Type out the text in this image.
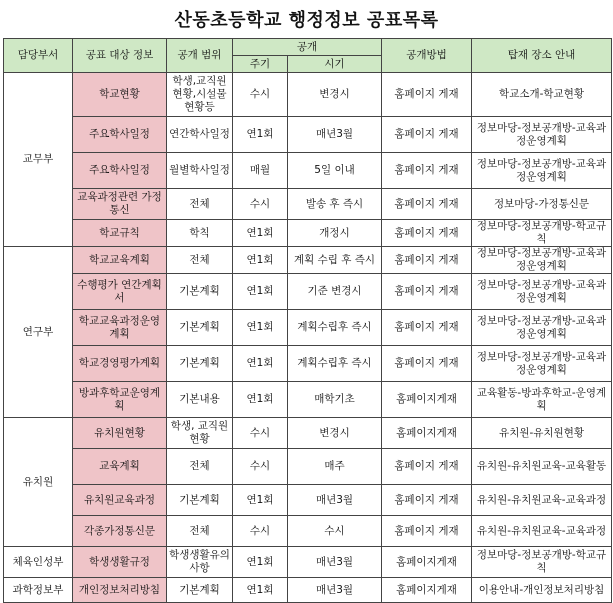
산동초등학교 행정정보 공표목록
담당부서	공표 대상 정보	공개 범위	공개		공개방법	탑재 장소 안내
			주기	시기		
교무부	학교현황	학생,교직원현황,시설물현황등	수시	변경시	홈페이지 게재	학교소개-학교현황
	주요학사일정	연간학사일정	연1회	매년3월	홈페이지 게재	정보마당-정보공개방-교육과정운영계획
	주요학사일정	월별학사일정	매월	5일 이내	홈페이지 게재	정보마당-정보공개방-교육과정운영계획
	교육과정관련 가정통신	전체	수시	발송 후 즉시	홈페이지 게재	정보마당-가정통신문
	학교규칙	학칙	연1회	개정시	홈페이지 게재	정보마당-정보공개방-학교규칙
연구부	학교교육계획	전체	연1회	계획 수립 후 즉시	홈페이지 게재	정보마당-정보공개방-교육과정운영계획
	수행평가 연간계획서	기본계획	연1회	기준 변경시	홈페이지 게재	정보마당-정보공개방-교육과정운영계획
	학교교육과정운영계획	기본계획	연1회	계획수립후 즉시	홈페이지 게재	정보마당-정보공개방-교육과정운영계획
	학교경영평가계획	기본계획	연1회	계획수립후 즉시	홈페이지 게재	정보마당-정보공개방-교육과정운영계획
	방과후학교운영계획	기본내용	연1회	매학기초	홈페이지게재	교육활동-방과후학교-운영계획
유치원	유치원현황	학생, 교직원현황	수시	변경시	홈페이지게재	유치원-유치원현황
	교육계획	전체	수시	매주	홈페이지 게재	유치원-유치원교육-교육활동
	유치원교육과정	기본계획	연1회	매년3월	홈페이지 게재	유치원-유치원교육-교육과정
	각종가정통신문	전체	수시	수시	홈페이지 게재	유치원-유치원교육-교육과정
체육인성부	학생생활규정	학생생활유의사항	연1회	매년3월	홈페이지게재	정보마당-정보공개방-학교규칙
과학정보부	개인정보처리방침	기본계획	연1회	매년3월	홈페이지게재	이용안내-개인정보처리방침
